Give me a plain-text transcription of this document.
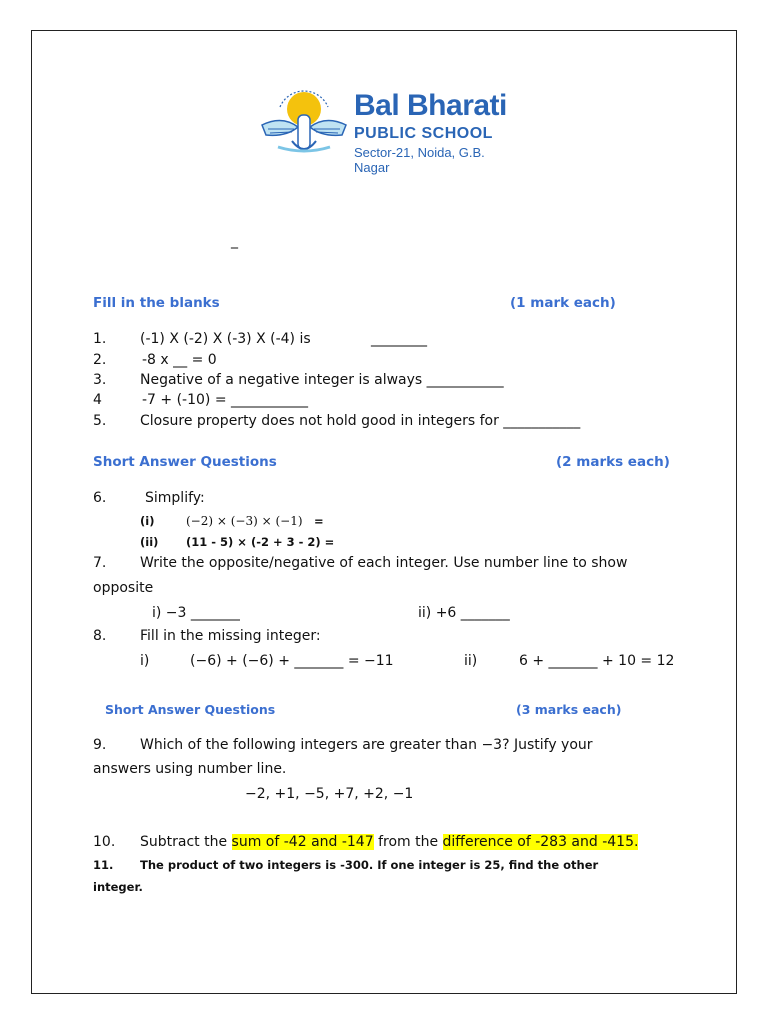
Bal Bharati
PUBLIC SCHOOL
Sector-21, Noida, G.B. Nagar
_
Fill in the blanks	(1 mark each)
1. (-1) X (-2) X (-3) X (-4) is	________
2.	-8 x __ = 0
3. Negative of a negative integer is always ___________
4	-7 + (-10) = ___________
5. Closure property does not hold good in integers for ___________
Short Answer Questions	(2 marks each)
6.	Simplify:
(i)	(−2) × (−3) × (−1) =
(ii) (11 - 5) × (-2 + 3 - 2) =
7. Write the opposite/negative of each integer. Use number line to show
opposite
i) −3 _______	ii) +6 _______
8. Fill in the missing integer:
i)	(−6) + (−6) + _______ = −11	ii)	6 + _______ + 10 = 12
Short Answer Questions	(3 marks each)
9. Which of the following integers are greater than −3? Justify your
answers using number line.
−2, +1, −5, +7, +2, −1
10. Subtract the sum of -42 and -147 from the difference of -283 and -415.
11. The product of two integers is -300. If one integer is 25, find the other
integer.
